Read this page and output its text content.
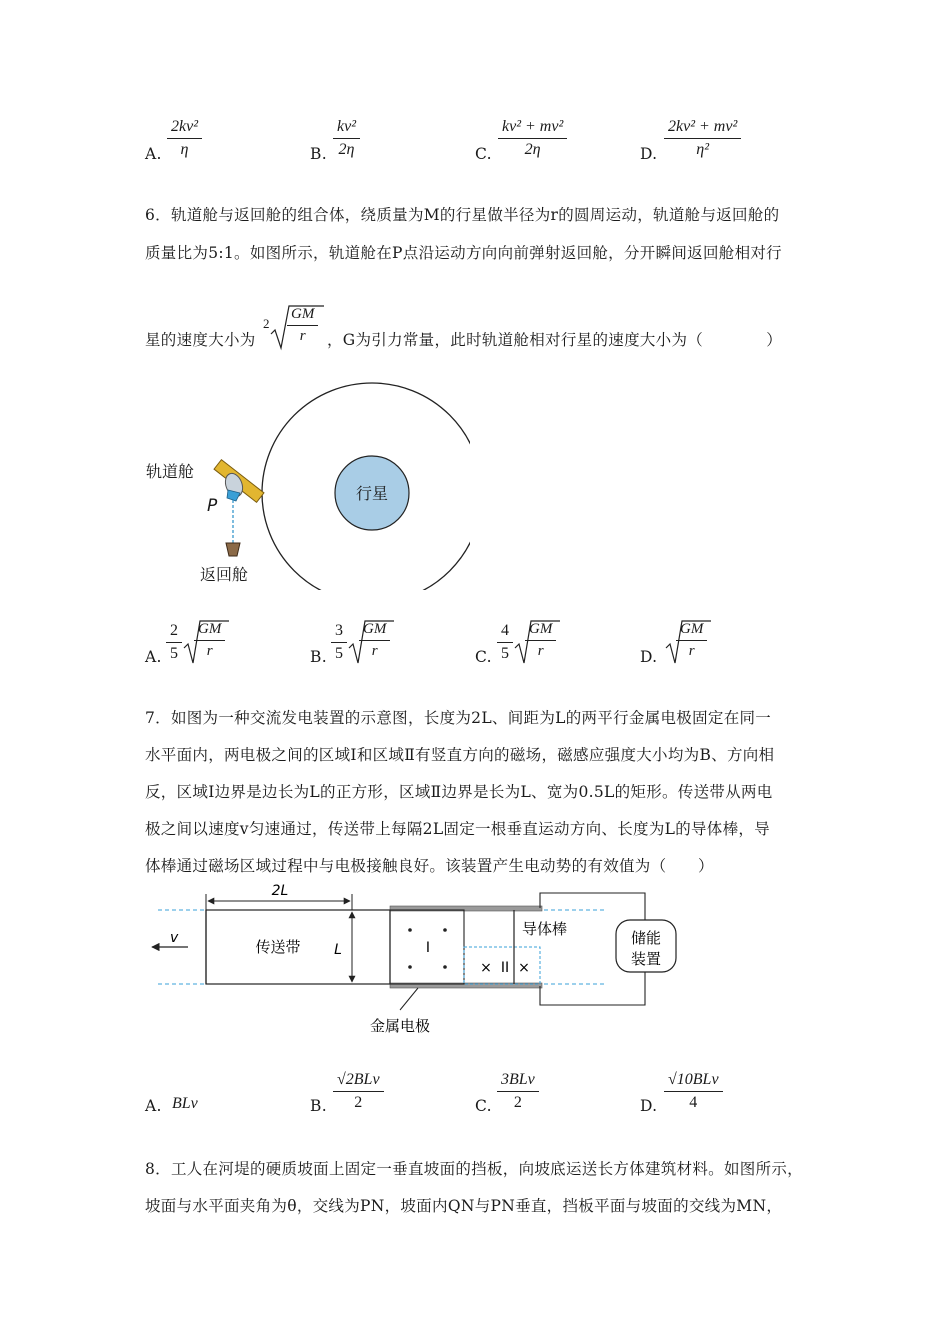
A. $\frac{\text{2kv²}}{\eta}$	B. $\frac{\text{kv²}}{2\eta}$	C. $\frac{\text{kv² + mv²}}{2\eta}$	D. $\frac{\text{2kv² + mv²}}{\text{η²}}$
6．轨道舱与返回舱的组合体，绕质量为M的行星做半径为r的圆周运动，轨道舱与返回舱的
质量比为5:1。如图所示，轨道舱在P点沿运动方向向前弹射返回舱，分开瞬间返回舱相对行
星的速度大小为
$2 \frac{GM}{r}$ ，G为引力常量，此时轨道舱相对行星的速度大小为（　　　　）
行星
轨道舱
P
返回舱
A. $\frac{2}{5} \frac{GM}{r}$	B. $\frac{3}{5} \frac{GM}{r}$	C. $\frac{4}{5} \frac{GM}{r}$	D. $\frac{GM}{r}$
7．如图为一种交流发电装置的示意图，长度为2L、间距为L的两平行金属电极固定在同一
水平面内，两电极之间的区域Ⅰ和区域Ⅱ有竖直方向的磁场，磁感应强度大小均为B、方向相
反，区域Ⅰ边界是边长为L的正方形，区域Ⅱ边界是长为L、宽为0.5L的矩形。传送带从两电
极之间以速度v匀速通过，传送带上每隔2L固定一根垂直运动方向、长度为L的导体棒，导
体棒通过磁场区域过程中与电极接触良好。该装置产生电动势的有效值为（　　）
2L
L
v	传送带	I
× ×
II
导体棒	储能
装置
金属电极
A. BLv	B.
√2BLv
2	C.
3BLv
2	D.
√10BLv
4
8．工人在河堤的硬质坡面上固定一垂直坡面的挡板，向坡底运送长方体建筑材料。如图所示，
坡面与水平面夹角为θ，交线为PN，坡面内QN与PN垂直，挡板平面与坡面的交线为MN，
